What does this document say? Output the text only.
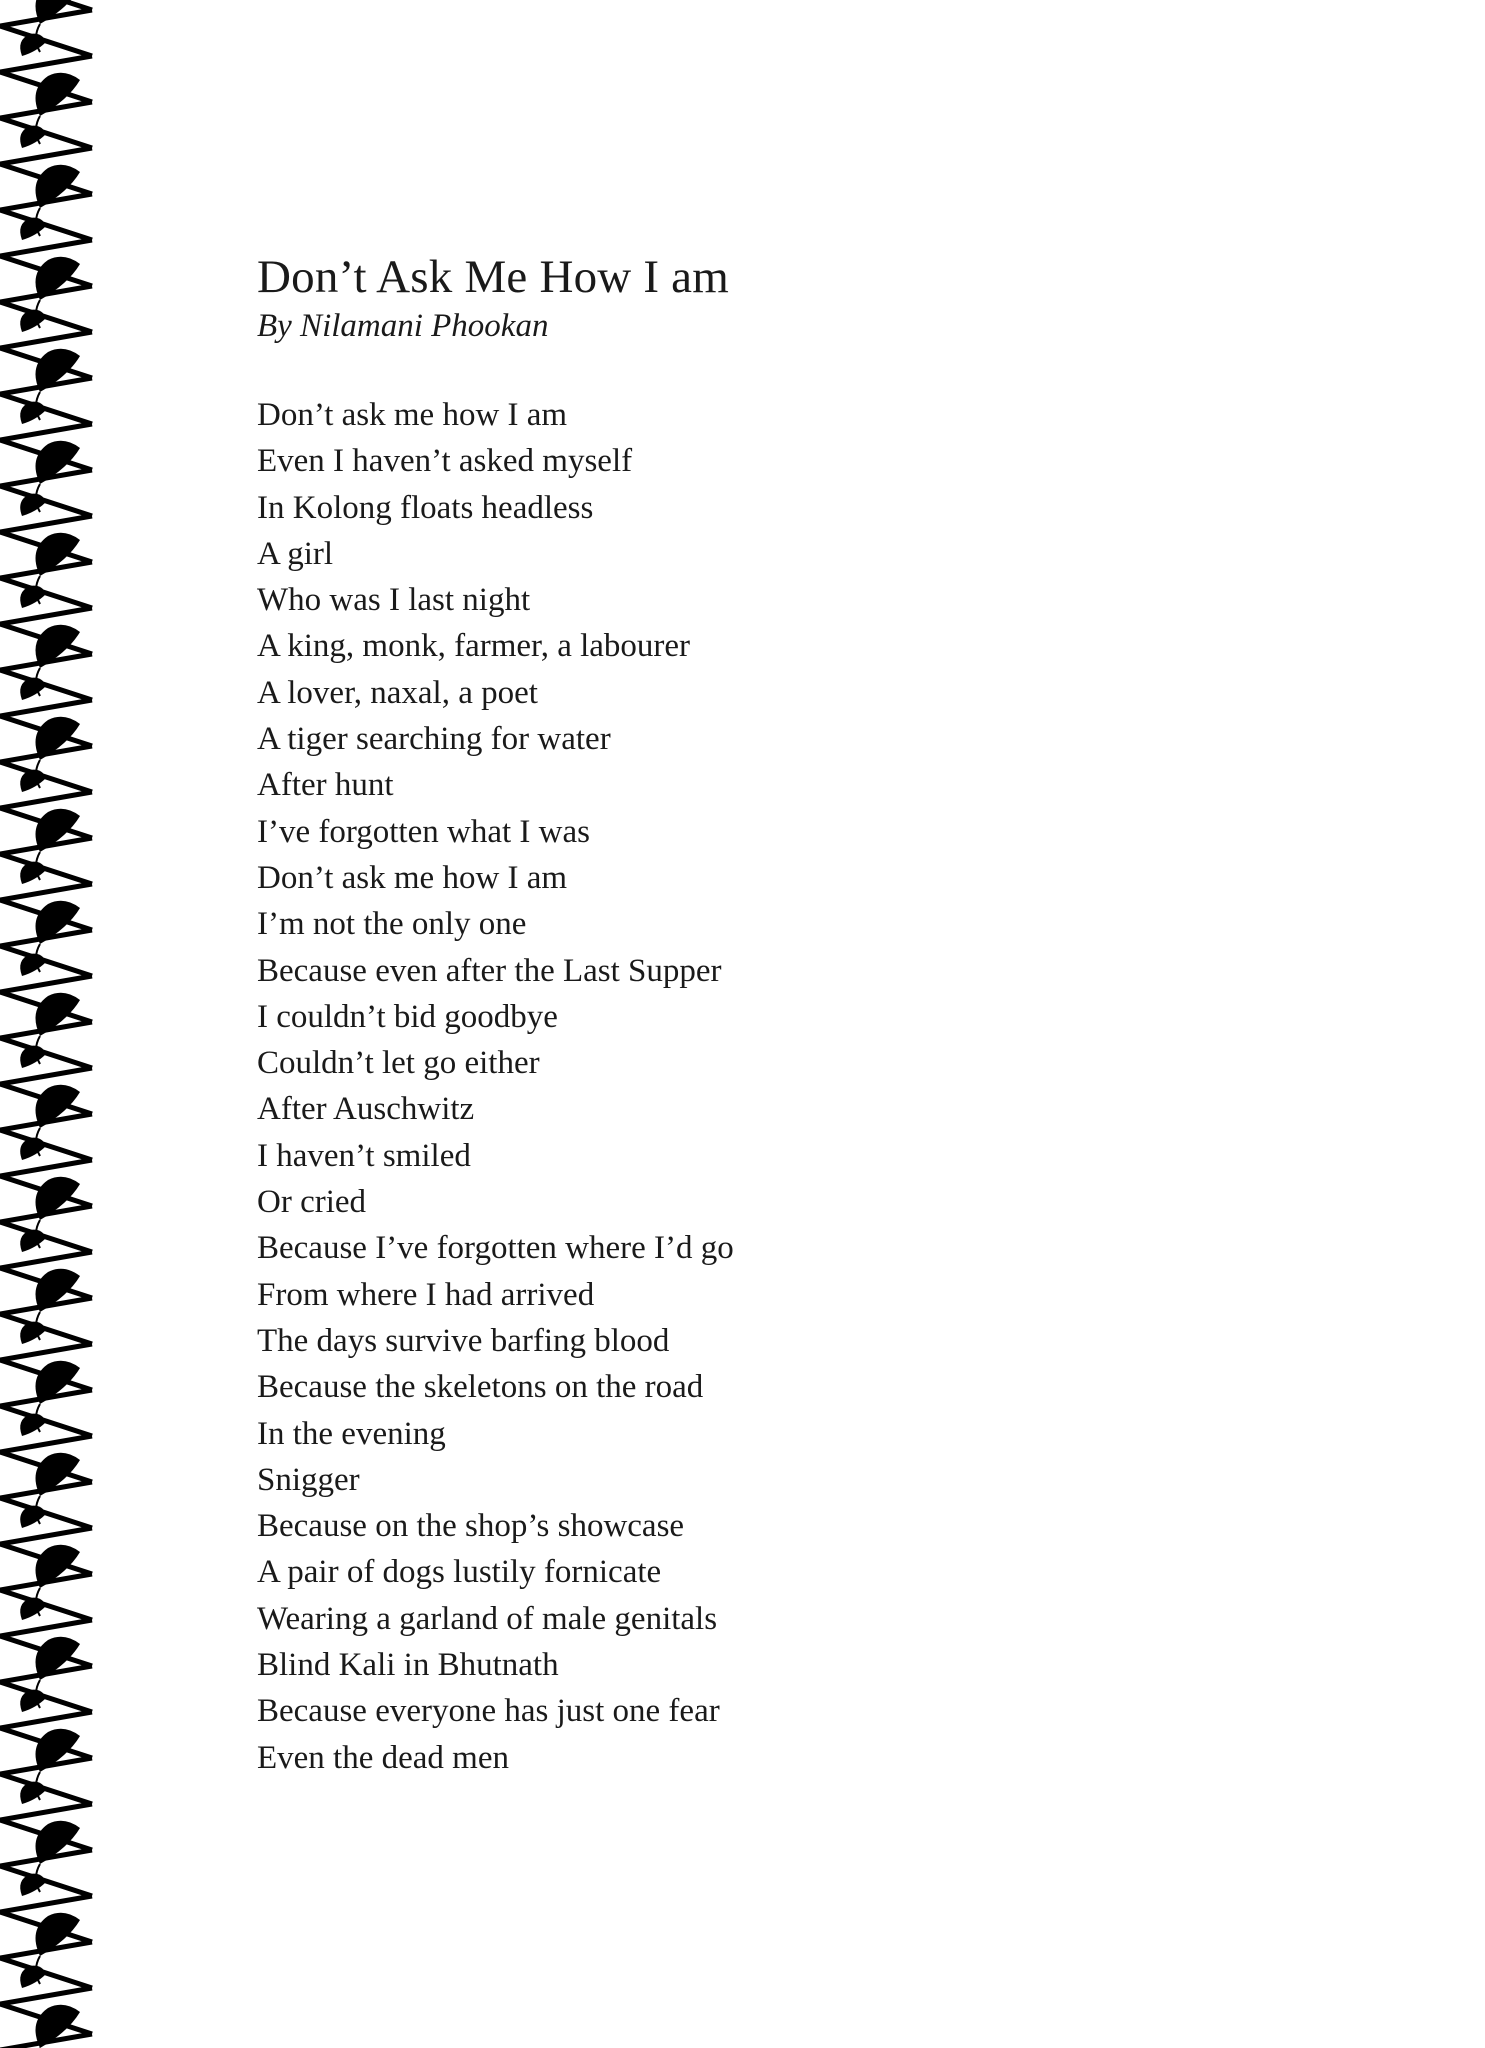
Don’t Ask Me How I am
By Nilamani Phookan
Don’t ask me how I am
Even I haven’t asked myself
In Kolong floats headless
A girl
Who was I last night
A king, monk, farmer, a labourer
A lover, naxal, a poet
A tiger searching for water
After hunt
I’ve forgotten what I was
Don’t ask me how I am
I’m not the only one
Because even after the Last Supper
I couldn’t bid goodbye
Couldn’t let go either
After Auschwitz
I haven’t smiled
Or cried
Because I’ve forgotten where I’d go
From where I had arrived
The days survive barfing blood
Because the skeletons on the road
In the evening
Snigger
Because on the shop’s showcase
A pair of dogs lustily fornicate
Wearing a garland of male genitals
Blind Kali in Bhutnath
Because everyone has just one fear
Even the dead men
